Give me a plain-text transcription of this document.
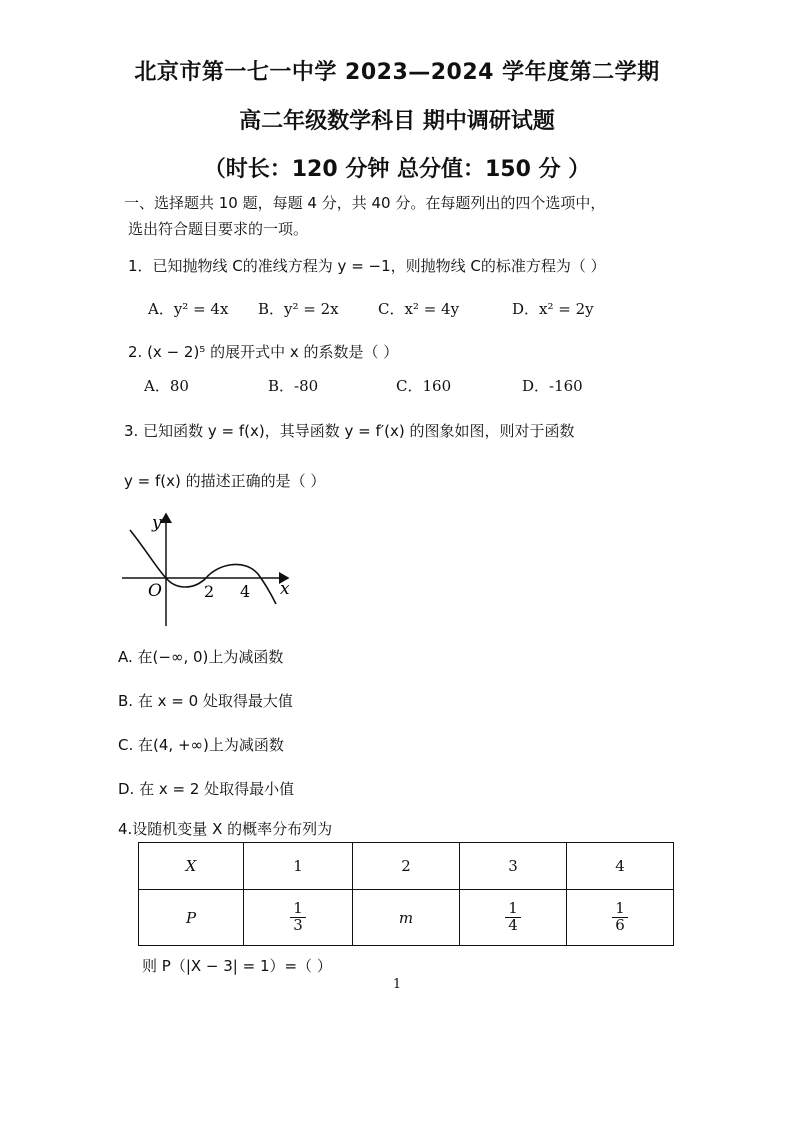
北京市第一七一中学 2023—2024 学年度第二学期
高二年级数学科目 期中调研试题
（时长：120 分钟 总分值：150 分 ）
一、选择题共 10 题，每题 4 分，共 40 分。在每题列出的四个选项中，
选出符合题目要求的一项。
1．已知抛物线 C的准线方程为 y = −1，则抛物线 C的标准方程为（ ）
A．y² = 4x B．y² = 2x	C．x² = 4y	D．x² = 2y
2. (x − 2)⁵ 的展开式中 x 的系数是（ ）
A．80	B．-80	C．160	D．-160
3. 已知函数 y = f(x)，其导函数 y = f′(x) 的图象如图，则对于函数
y = f(x) 的描述正确的是（ ）
y
x
O	2 4
A. 在(−∞, 0)上为减函数
B. 在 x = 0 处取得最大值
C. 在(4, +∞)上为减函数
D. 在 x = 2 处取得最小值
4.设随机变量 X 的概率分布列为
X	1	2	3	4
P	$\frac{1}{3}$	m	$\frac{1}{4}$	$\frac{1}{6}$
则 P（|X − 3| = 1）=（ ）
1
